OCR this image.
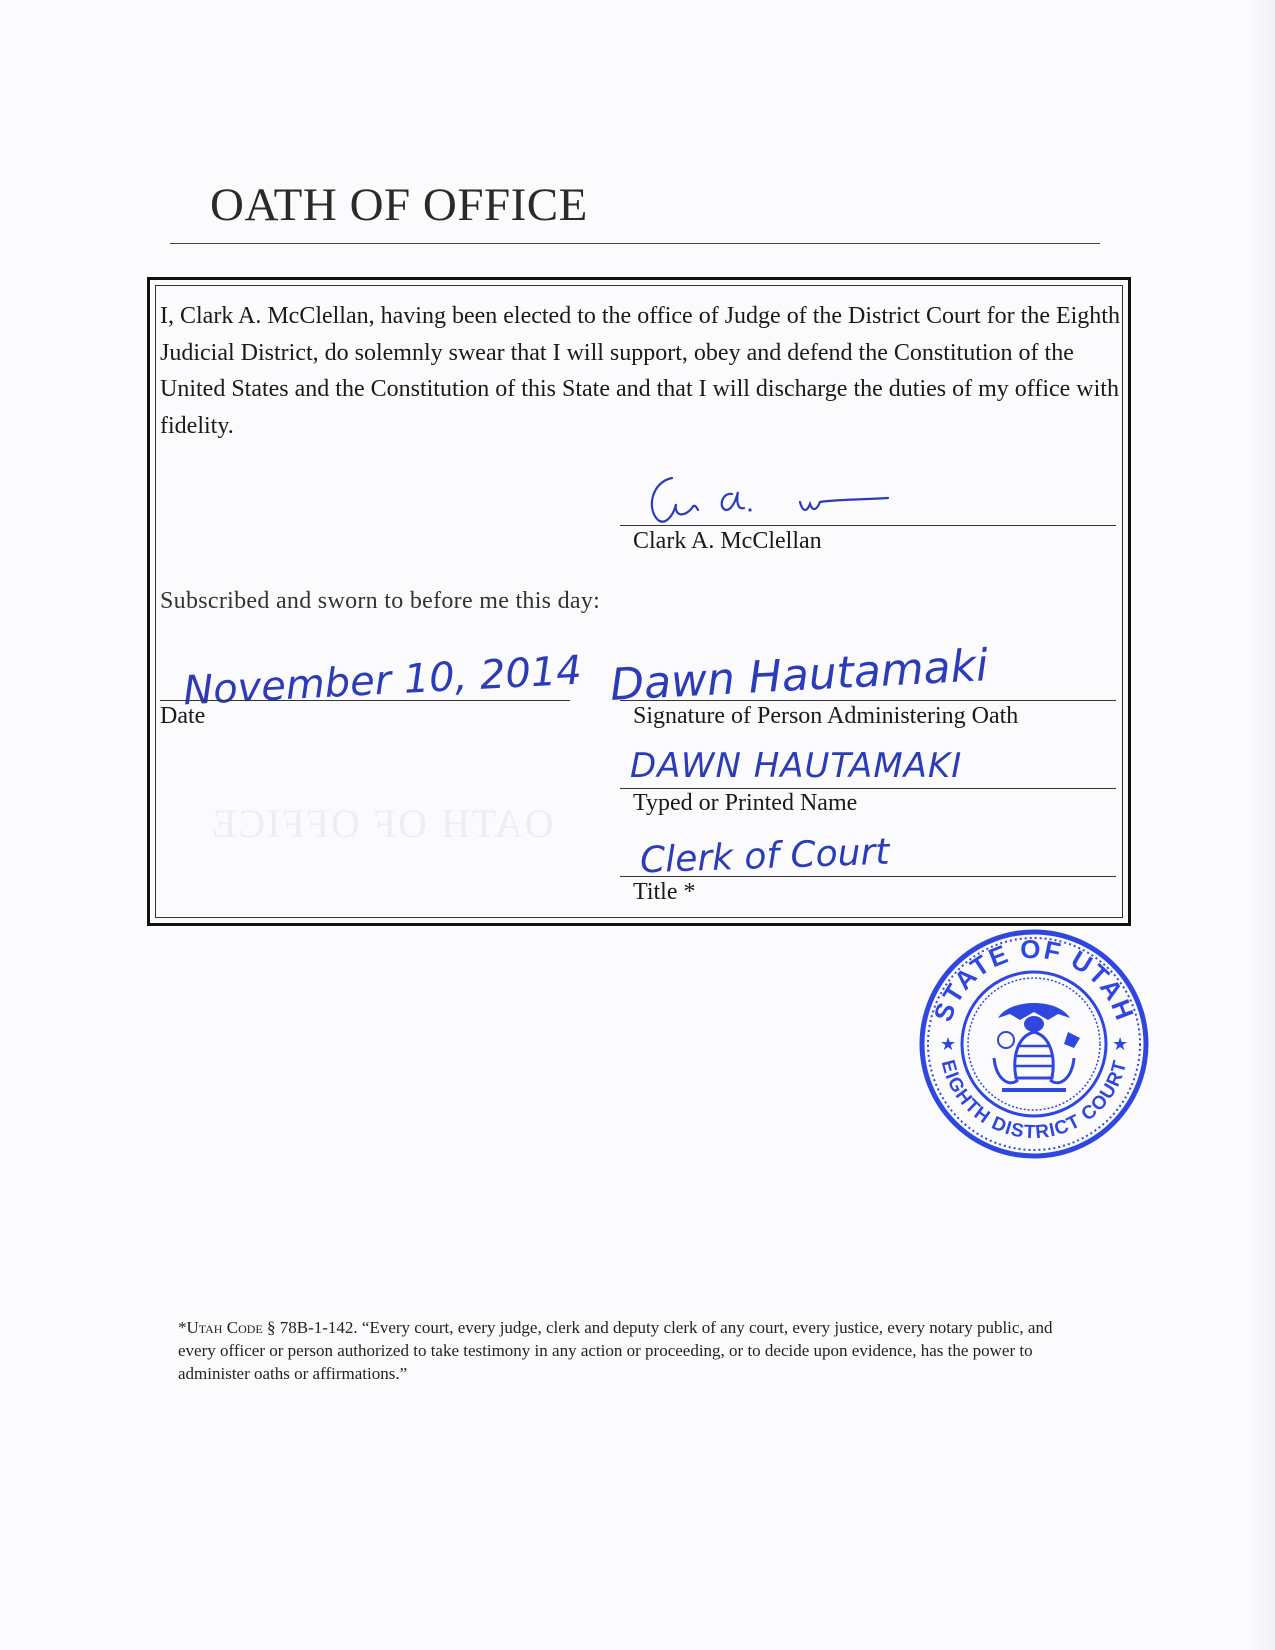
OATH OF OFFICE

OATH OF OFFICE

I, Clark A. McClellan, having been elected to the office of Judge of the District Court for the Eighth Judicial District, do solemnly swear that I will support, obey and defend the Constitution of the United States and the Constitution of this State and that I will discharge the duties of my office with fidelity.

Clark A. McClellan

Subscribed and sworn to before me this day:

November 10, 2014

Date

Dawn Hautamaki

Signature of Person Administering Oath

DAWN HAUTAMAKI

Typed or Printed Name

Clerk of Court

Title *

STATE OF UTAH
EIGHTH DISTRICT COURT
★	★

*Utah Code § 78B-1-142. “Every court, every judge, clerk and deputy clerk of any court, every justice, every notary public, and every officer or person authorized to take testimony in any action or proceeding, or to decide upon evidence, has the power to administer oaths or affirmations.”
